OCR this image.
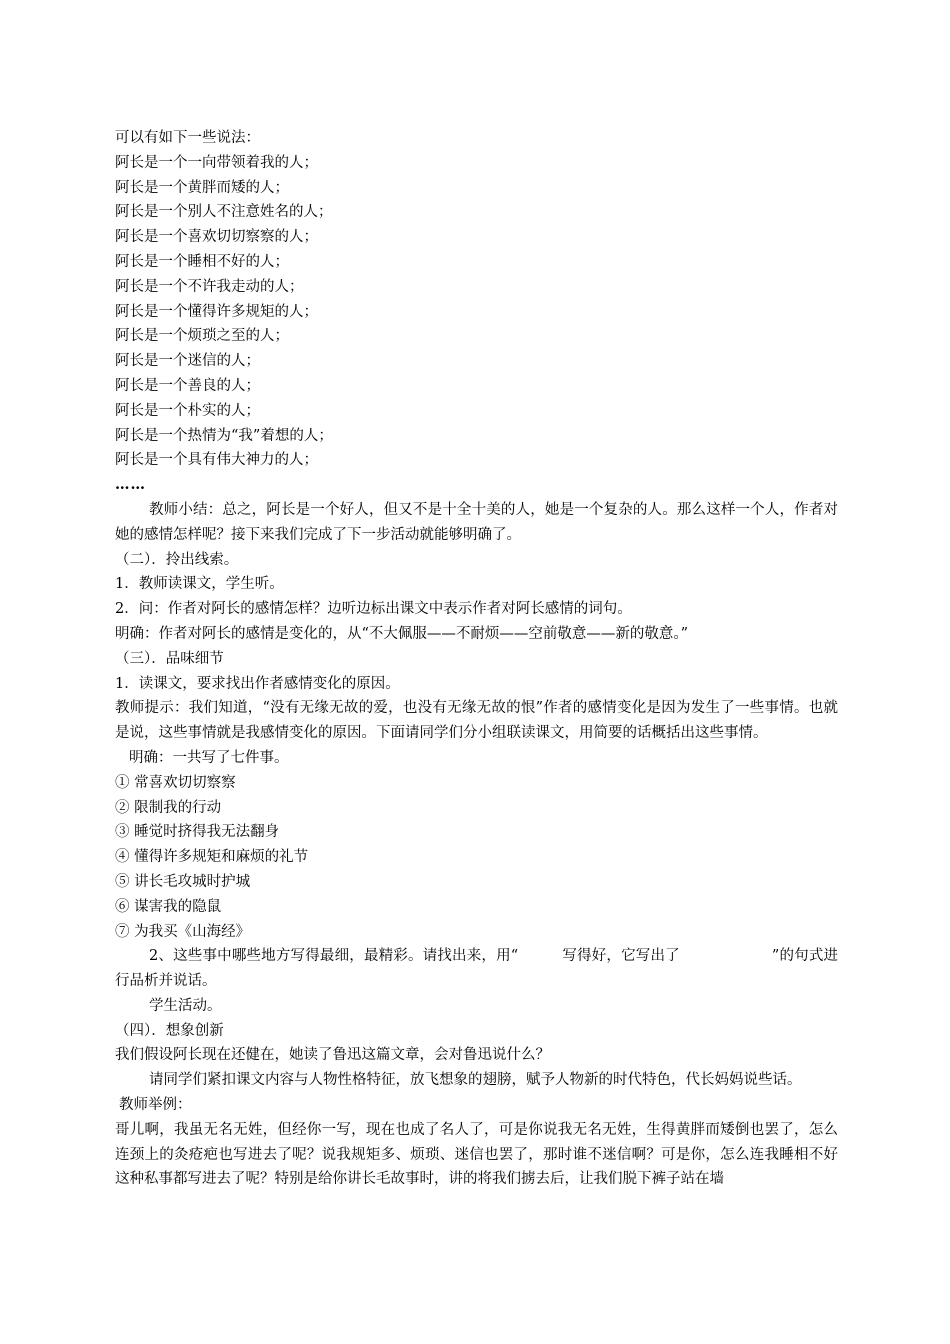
可以有如下一些说法：
阿长是一个一向带领着我的人；
阿长是一个黄胖而矮的人；
阿长是一个别人不注意姓名的人；
阿长是一个喜欢切切察察的人；
阿长是一个睡相不好的人；
阿长是一个不许我走动的人；
阿长是一个懂得许多规矩的人；
阿长是一个烦琐之至的人；
阿长是一个迷信的人；
阿长是一个善良的人；
阿长是一个朴实的人；
阿长是一个热情为“我”着想的人；
阿长是一个具有伟大神力的人；
……
教师小结：总之，阿长是一个好人，但又不是十全十美的人，她是一个复杂的人。那么这样一个人，作者对她的感情怎样呢？接下来我们完成了下一步活动就能够明确了。
（二）．拎出线索。
1．教师读课文，学生听。
2．问：作者对阿长的感情怎样？边听边标出课文中表示作者对阿长感情的词句。
明确：作者对阿长的感情是变化的，从“不大佩服——不耐烦——空前敬意——新的敬意。”
（三）．品味细节
1．读课文，要求找出作者感情变化的原因。
教师提示：我们知道，“没有无缘无故的爱，也没有无缘无故的恨”作者的感情变化是因为发生了一些事情。也就是说，这些事情就是我感情变化的原因。下面请同学们分小组联读课文，用简要的话概括出这些事情。
明确：一共写了七件事。
① 常喜欢切切察察
② 限制我的行动
③ 睡觉时挤得我无法翻身
④ 懂得许多规矩和麻烦的礼节
⑤ 讲长毛攻城时护城
⑥ 谋害我的隐鼠
⑦ 为我买《山海经》
2、这些事中哪些地方写得最细，最精彩。请找出来，用“	写得好，它写出了	”的句式进行品析并说话。
学生活动。
（四）．想象创新
我们假设阿长现在还健在，她读了鲁迅这篇文章，会对鲁迅说什么？
请同学们紧扣课文内容与人物性格特征，放飞想象的翅膀，赋予人物新的时代特色，代长妈妈说些话。
教师举例：
哥儿啊，我虽无名无姓，但经你一写，现在也成了名人了，可是你说我无名无姓，生得黄胖而矮倒也罢了，怎么连颈上的灸疮疤也写进去了呢？说我规矩多、烦琐、迷信也罢了，那时谁不迷信啊？可是你，怎么连我睡相不好这种私事都写进去了呢？特别是给你讲长毛故事时，讲的将我们掳去后，让我们脱下裤子站在墙
